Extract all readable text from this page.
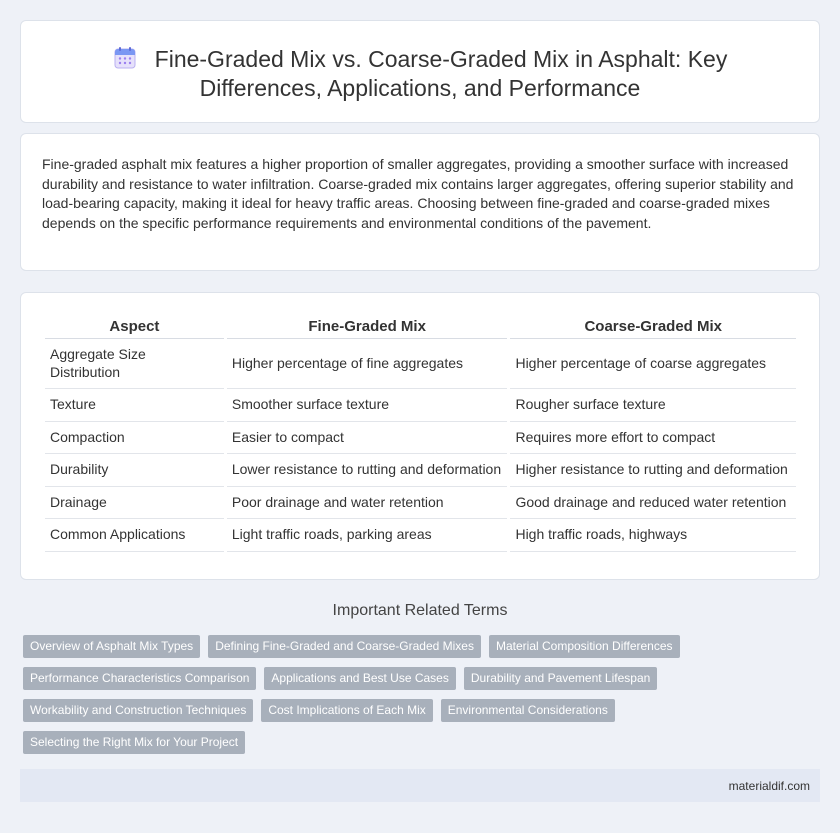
Fine-Graded Mix vs. Coarse-Graded Mix in Asphalt: Key Differences, Applications, and Performance

Fine-graded asphalt mix features a higher proportion of smaller aggregates, providing a smoother surface with increased durability and resistance to water infiltration. Coarse-graded mix contains larger aggregates, offering superior stability and load-bearing capacity, making it ideal for heavy traffic areas. Choosing between fine-graded and coarse-graded mixes depends on the specific performance requirements and environmental conditions of the pavement.

Aspect	Fine-Graded Mix	Coarse-Graded Mix
Aggregate Size Distribution	Higher percentage of fine aggregates	Higher percentage of coarse aggregates
Texture	Smoother surface texture	Rougher surface texture
Compaction	Easier to compact	Requires more effort to compact
Durability	Lower resistance to rutting and deformation	Higher resistance to rutting and deformation
Drainage	Poor drainage and water retention	Good drainage and reduced water retention
Common Applications	Light traffic roads, parking areas	High traffic roads, highways
Important Related Terms
Overview of Asphalt Mix Types	Defining Fine-Graded and Coarse-Graded Mixes	Material Composition Differences
Performance Characteristics Comparison	Applications and Best Use Cases	Durability and Pavement Lifespan
Workability and Construction Techniques	Cost Implications of Each Mix	Environmental Considerations
Selecting the Right Mix for Your Project
materialdif.com
